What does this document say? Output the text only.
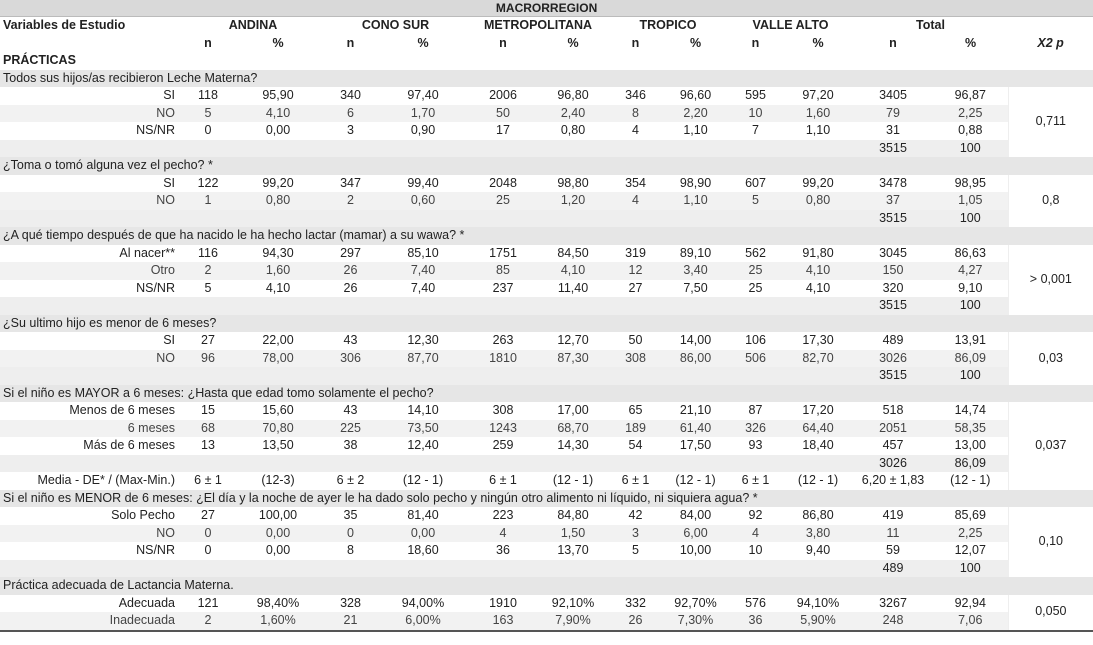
MACRORREGION													
Variables de Estudio	ANDINA		CONO SUR		METROPOLITANA		TROPICO		VALLE ALTO		Total		
	n	%	n	%	n	%	n	%	n	%	n	%	X2 p
PRÁCTICAS													
Todos sus hijos/as recibieron Leche Materna?													
SI	118	95,90	340	97,40	2006	96,80	346	96,60	595	97,20	3405	96,87	0,711
NO	5	4,10	6	1,70	50	2,40	8	2,20	10	1,60	79	2,25	
NS/NR	0	0,00	3	0,90	17	0,80	4	1,10	7	1,10	31	0,88	
											3515	100	
¿Toma o tomó alguna vez el pecho? *													
SI	122	99,20	347	99,40	2048	98,80	354	98,90	607	99,20	3478	98,95	0,8
NO	1	0,80	2	0,60	25	1,20	4	1,10	5	0,80	37	1,05	
											3515	100	
¿A qué tiempo después de que ha nacido le ha hecho lactar (mamar) a su wawa? *													
Al nacer**	116	94,30	297	85,10	1751	84,50	319	89,10	562	91,80	3045	86,63	> 0,001
Otro	2	1,60	26	7,40	85	4,10	12	3,40	25	4,10	150	4,27	
NS/NR	5	4,10	26	7,40	237	11,40	27	7,50	25	4,10	320	9,10	
											3515	100	
¿Su ultimo hijo es menor de 6 meses?													
SI	27	22,00	43	12,30	263	12,70	50	14,00	106	17,30	489	13,91	0,03
NO	96	78,00	306	87,70	1810	87,30	308	86,00	506	82,70	3026	86,09	
											3515	100	
Si el niño es MAYOR a 6 meses: ¿Hasta que edad tomo solamente el pecho?													
Menos de 6 meses	15	15,60	43	14,10	308	17,00	65	21,10	87	17,20	518	14,74	0,037
6 meses	68	70,80	225	73,50	1243	68,70	189	61,40	326	64,40	2051	58,35	
Más de 6 meses	13	13,50	38	12,40	259	14,30	54	17,50	93	18,40	457	13,00	
											3026	86,09	
Media - DE* / (Max-Min.)	6 ± 1	(12-3)	6 ± 2	(12 - 1)	6 ± 1	(12 - 1)	6 ± 1	(12 - 1)	6 ± 1	(12 - 1)	6,20 ± 1,83	(12 - 1)	
Si el niño es MENOR de 6 meses: ¿El día y la noche de ayer le ha dado solo pecho y ningún otro alimento ni líquido, ni siquiera agua? *													
Solo Pecho	27	100,00	35	81,40	223	84,80	42	84,00	92	86,80	419	85,69	0,10
NO	0	0,00	0	0,00	4	1,50	3	6,00	4	3,80	11	2,25	
NS/NR	0	0,00	8	18,60	36	13,70	5	10,00	10	9,40	59	12,07	
											489	100	
Práctica adecuada de Lactancia Materna.													
Adecuada	121	98,40%	328	94,00%	1910	92,10%	332	92,70%	576	94,10%	3267	92,94	0,050
Inadecuada	2	1,60%	21	6,00%	163	7,90%	26	7,30%	36	5,90%	248	7,06	
